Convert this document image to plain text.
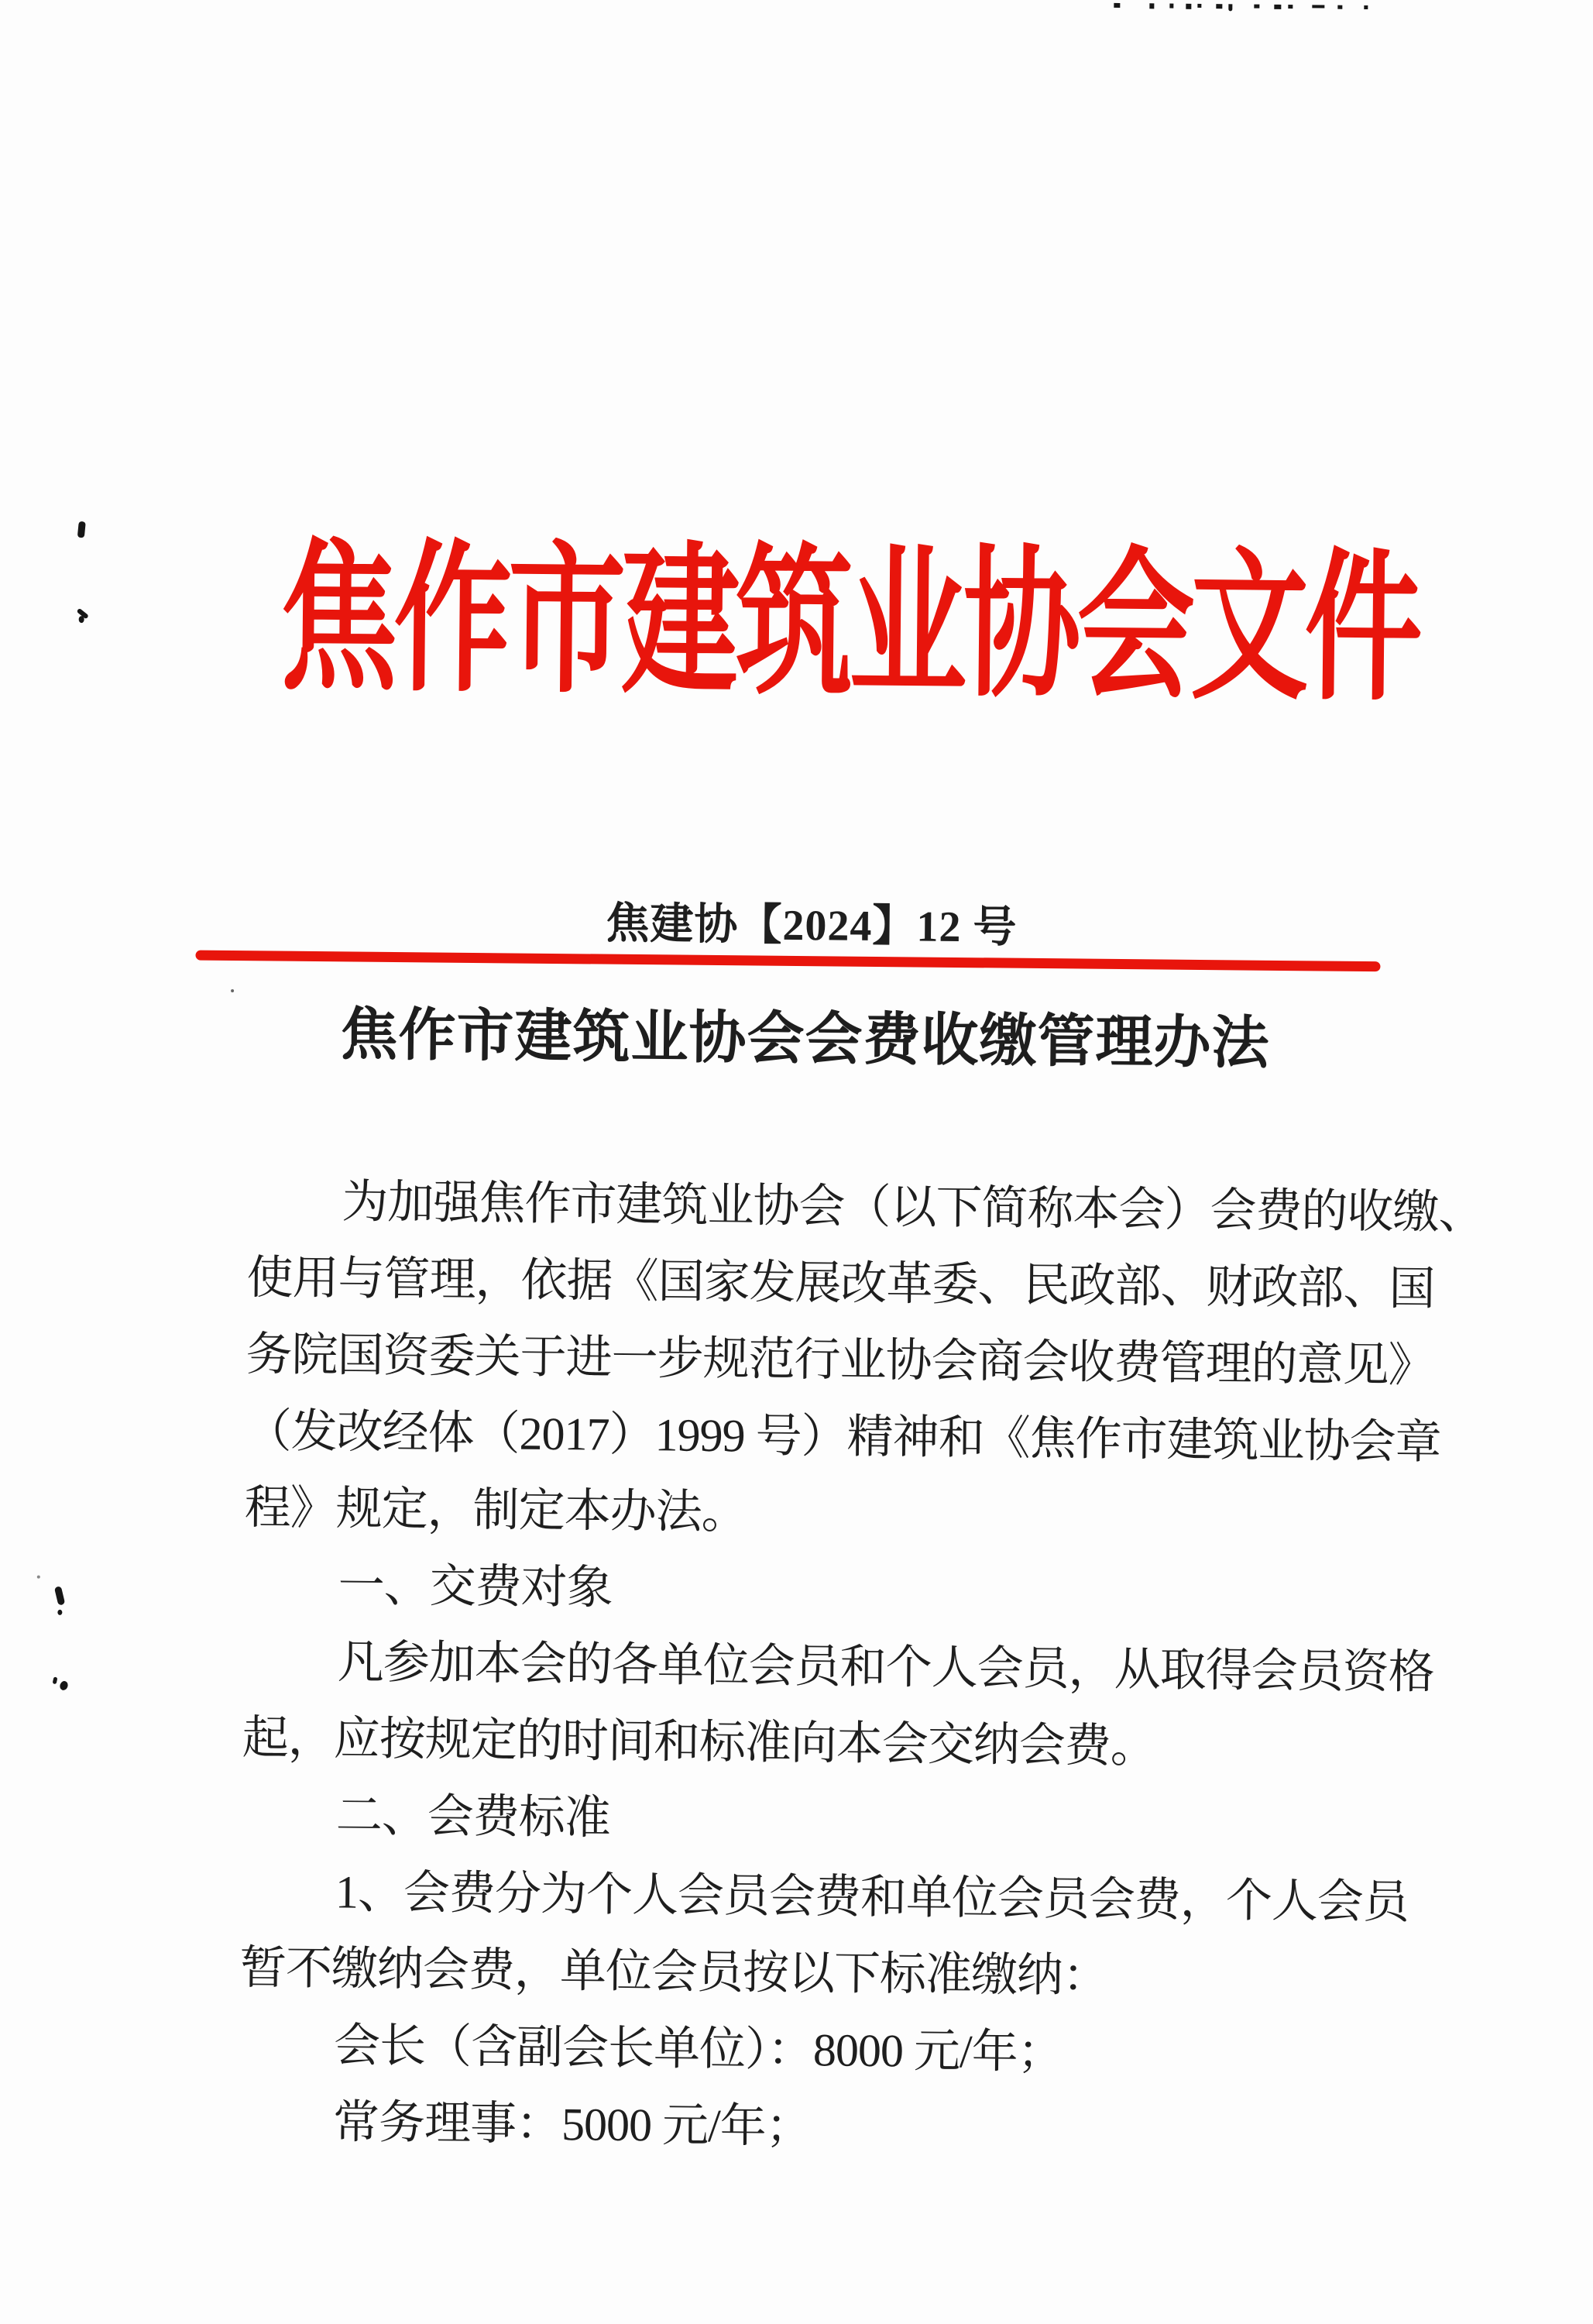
焦作市建筑业协会文件
焦建协【2024】12 号
焦作市建筑业协会会费收缴管理办法
为加强焦作市建筑业协会（以下简称本会）会费的收缴、
使用与管理，依据《国家发展改革委、民政部、财政部、国
务院国资委关于进一步规范行业协会商会收费管理的意见》
（发改经体（2017）1999 号）精神和《焦作市建筑业协会章
程》规定，制定本办法。
一、交费对象
凡参加本会的各单位会员和个人会员，从取得会员资格
起，应按规定的时间和标准向本会交纳会费。
二、会费标准
1、会费分为个人会员会费和单位会员会费，个人会员
暂不缴纳会费，单位会员按以下标准缴纳：
会长（含副会长单位）：8000 元/年；
常务理事：5000 元/年；
